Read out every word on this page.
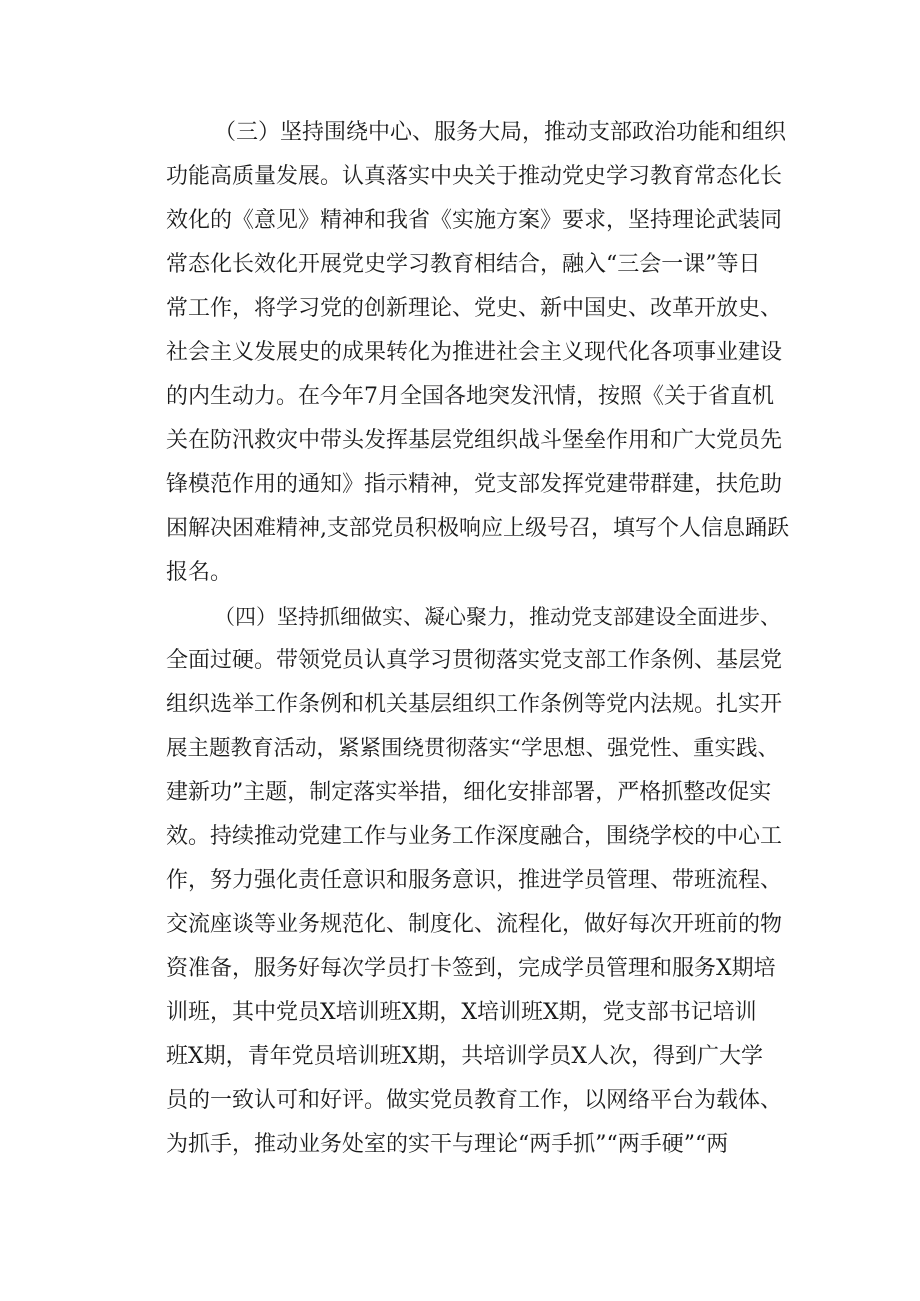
（三）坚持围绕中心、服务大局，推动支部政治功能和组织

功能高质量发展。认真落实中央关于推动党史学习教育常态化长

效化的《意见》精神和我省《实施方案》要求，坚持理论武装同

常态化长效化开展党史学习教育相结合，融入“三会一课”等日

常工作，将学习党的创新理论、党史、新中国史、改革开放史、

社会主义发展史的成果转化为推进社会主义现代化各项事业建设

的内生动力。在今年7月全国各地突发汛情，按照《关于省直机

关在防汛救灾中带头发挥基层党组织战斗堡垒作用和广大党员先

锋模范作用的通知》指示精神，党支部发挥党建带群建，扶危助

困解决困难精神,支部党员积极响应上级号召，填写个人信息踊跃

报名。

（四）坚持抓细做实、凝心聚力，推动党支部建设全面进步、

全面过硬。带领党员认真学习贯彻落实党支部工作条例、基层党

组织选举工作条例和机关基层组织工作条例等党内法规。扎实开

展主题教育活动，紧紧围绕贯彻落实“学思想、强党性、重实践、

建新功”主题，制定落实举措，细化安排部署，严格抓整改促实

效。持续推动党建工作与业务工作深度融合，围绕学校的中心工

作，努力强化责任意识和服务意识，推进学员管理、带班流程、

交流座谈等业务规范化、制度化、流程化，做好每次开班前的物

资准备，服务好每次学员打卡签到，完成学员管理和服务X期培

训班，其中党员X培训班X期，X培训班X期，党支部书记培训

班X期，青年党员培训班X期，共培训学员X人次，得到广大学

员的一致认可和好评。做实党员教育工作，以网络平台为载体、

为抓手，推动业务处室的实干与理论“两手抓”“两手硬”“两
